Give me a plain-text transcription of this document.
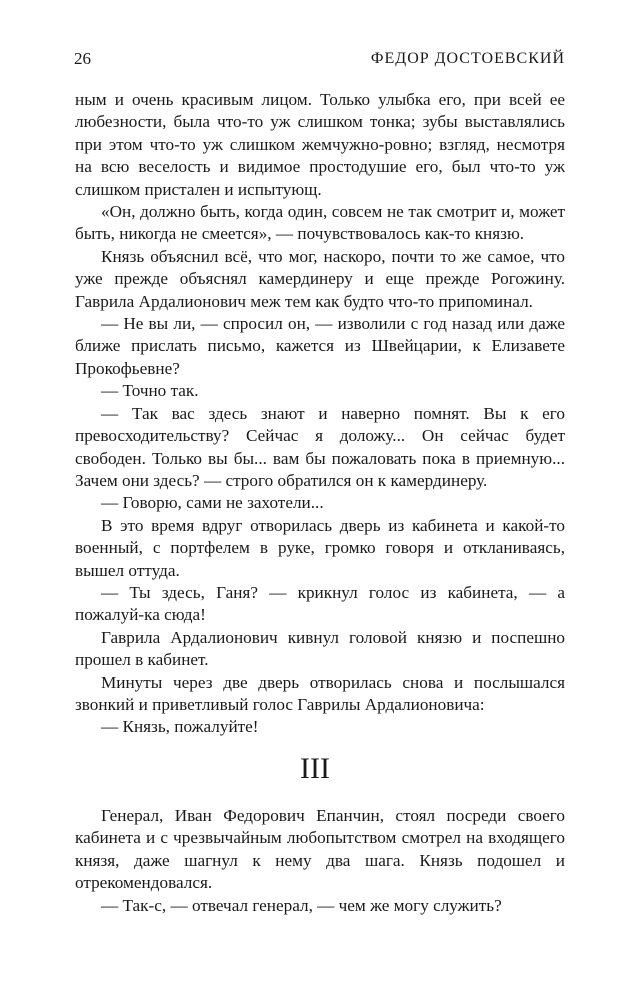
26	ФЕДОР ДОСТОЕВСКИЙ

ным и очень красивым лицом. Только улыбка его, при всей ее любезности, была что-то уж слишком тонка; зубы выставлялись при этом что-то уж слишком жемчужно-ровно; взгляд, несмотря на всю веселость и видимое простодушие его, был что-то уж слишком пристален и испытующ.

«Он, должно быть, когда один, совсем не так смотрит и, может быть, никогда не смеется», — почувствовалось как-то князю.

Князь объяснил всё, что мог, наскоро, почти то же самое, что уже прежде объяснял камердинеру и еще прежде Рогожину. Гаврила Ардалионович меж тем как будто что-то припоминал.

— Не вы ли, — спросил он, — изволили с год назад или даже ближе прислать письмо, кажется из Швейцарии, к Елизавете Прокофьевне?

— Точно так.

— Так вас здесь знают и наверно помнят. Вы к его превосходительству? Сейчас я доложу... Он сейчас будет свободен. Только вы бы... вам бы пожаловать пока в приемную... Зачем они здесь? — строго обратился он к камердинеру.

— Говорю, сами не захотели...

В это время вдруг отворилась дверь из кабинета и какой-то военный, с портфелем в руке, громко говоря и откланиваясь, вышел оттуда.

— Ты здесь, Ганя? — крикнул голос из кабинета, — а пожалуй-ка сюда!

Гаврила Ардалионович кивнул головой князю и поспешно прошел в кабинет.

Минуты через две дверь отворилась снова и послышался звонкий и приветливый голос Гаврилы Ардалионовича:

— Князь, пожалуйте!

III

Генерал, Иван Федорович Епанчин, стоял посреди своего кабинета и с чрезвычайным любопытством смотрел на входящего князя, даже шагнул к нему два шага. Князь подошел и отрекомендовался.

— Так-с, — отвечал генерал, — чем же могу служить?
